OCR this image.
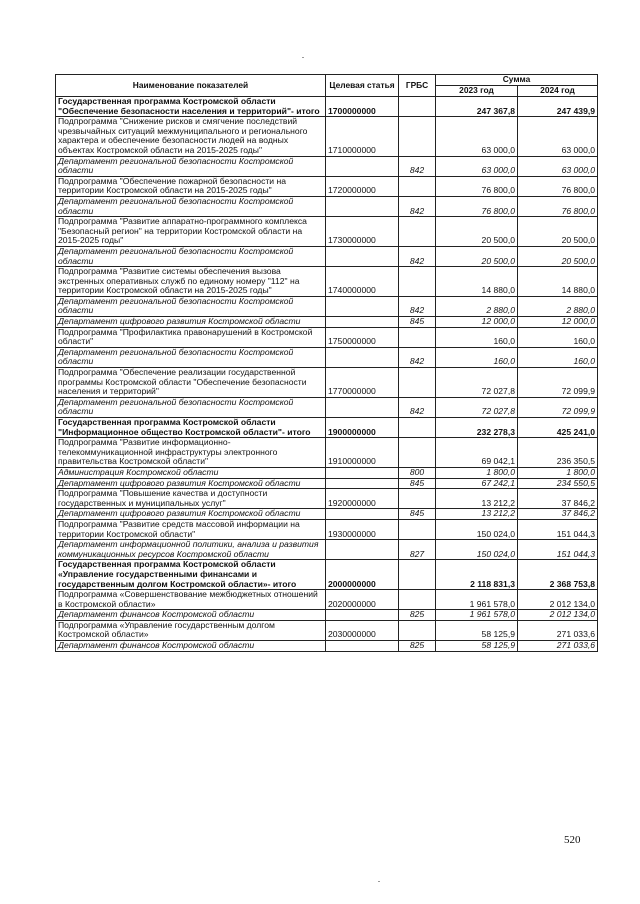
Наименование показателей	Целевая статья	ГРБС	Сумма	
			2023 год	2024 год
Государственная программа Костромской области "Обеспечение безопасности населения и территорий"- итого	1700000000		247 367,8	247 439,9
Подпрограмма "Снижение рисков и смягчение последствий чрезвычайных ситуаций межмуниципального и регионального характера и обеспечение безопасности людей на водных объектах Костромской области на 2015-2025 годы"	1710000000		63 000,0	63 000,0
Департамент региональной безопасности Костромской области		842	63 000,0	63 000,0
Подпрограмма "Обеспечение пожарной безопасности на территории Костромской области на 2015-2025 годы"	1720000000		76 800,0	76 800,0
Департамент региональной безопасности Костромской области		842	76 800,0	76 800,0
Подпрограмма "Развитие аппаратно-программного комплекса "Безопасный регион" на территории Костромской области на 2015-2025 годы"	1730000000		20 500,0	20 500,0
Департамент региональной безопасности Костромской области		842	20 500,0	20 500,0
Подпрограмма "Развитие системы обеспечения вызова экстренных оперативных служб по единому номеру "112" на территории Костромской области на 2015-2025 годы"	1740000000		14 880,0	14 880,0
Департамент региональной безопасности Костромской области		842	2 880,0	2 880,0
Департамент цифрового развития Костромской области		845	12 000,0	12 000,0
Подпрограмма "Профилактика правонарушений в Костромской области"	1750000000		160,0	160,0
Департамент региональной безопасности Костромской области		842	160,0	160,0
Подпрограмма "Обеспечение реализации государственной программы Костромской области "Обеспечение безопасности населения и территорий"	1770000000		72 027,8	72 099,9
Департамент региональной безопасности Костромской области		842	72 027,8	72 099,9
Государственная программа Костромской области "Информационное общество Костромской области"- итого	1900000000		232 278,3	425 241,0
Подпрограмма "Развитие информационно-телекоммуникационной инфраструктуры электронного правительства Костромской области"	1910000000		69 042,1	236 350,5
Администрация Костромской области		800	1 800,0	1 800,0
Департамент цифрового развития Костромской области		845	67 242,1	234 550,5
Подпрограмма "Повышение качества и доступности государственных и муниципальных услуг"	1920000000		13 212,2	37 846,2
Департамент цифрового развития Костромской области		845	13 212,2	37 846,2
Подпрограмма "Развитие средств массовой информации на территории Костромской области"	1930000000		150 024,0	151 044,3
Департамент информационной политики, анализа и развития коммуникационных ресурсов Костромской области		827	150 024,0	151 044,3
Государственная программа Костромской области «Управление государственными финансами и государственным долгом Костромской области»- итого	2000000000		2 118 831,3	2 368 753,8
Подпрограмма «Совершенствование межбюджетных отношений в Костромской области»	2020000000		1 961 578,0	2 012 134,0
Департамент финансов Костромской области		825	1 961 578,0	2 012 134,0
Подпрограмма «Управление государственным долгом Костромской области»	2030000000		58 125,9	271 033,6
Департамент финансов Костромской области		825	58 125,9	271 033,6
520
